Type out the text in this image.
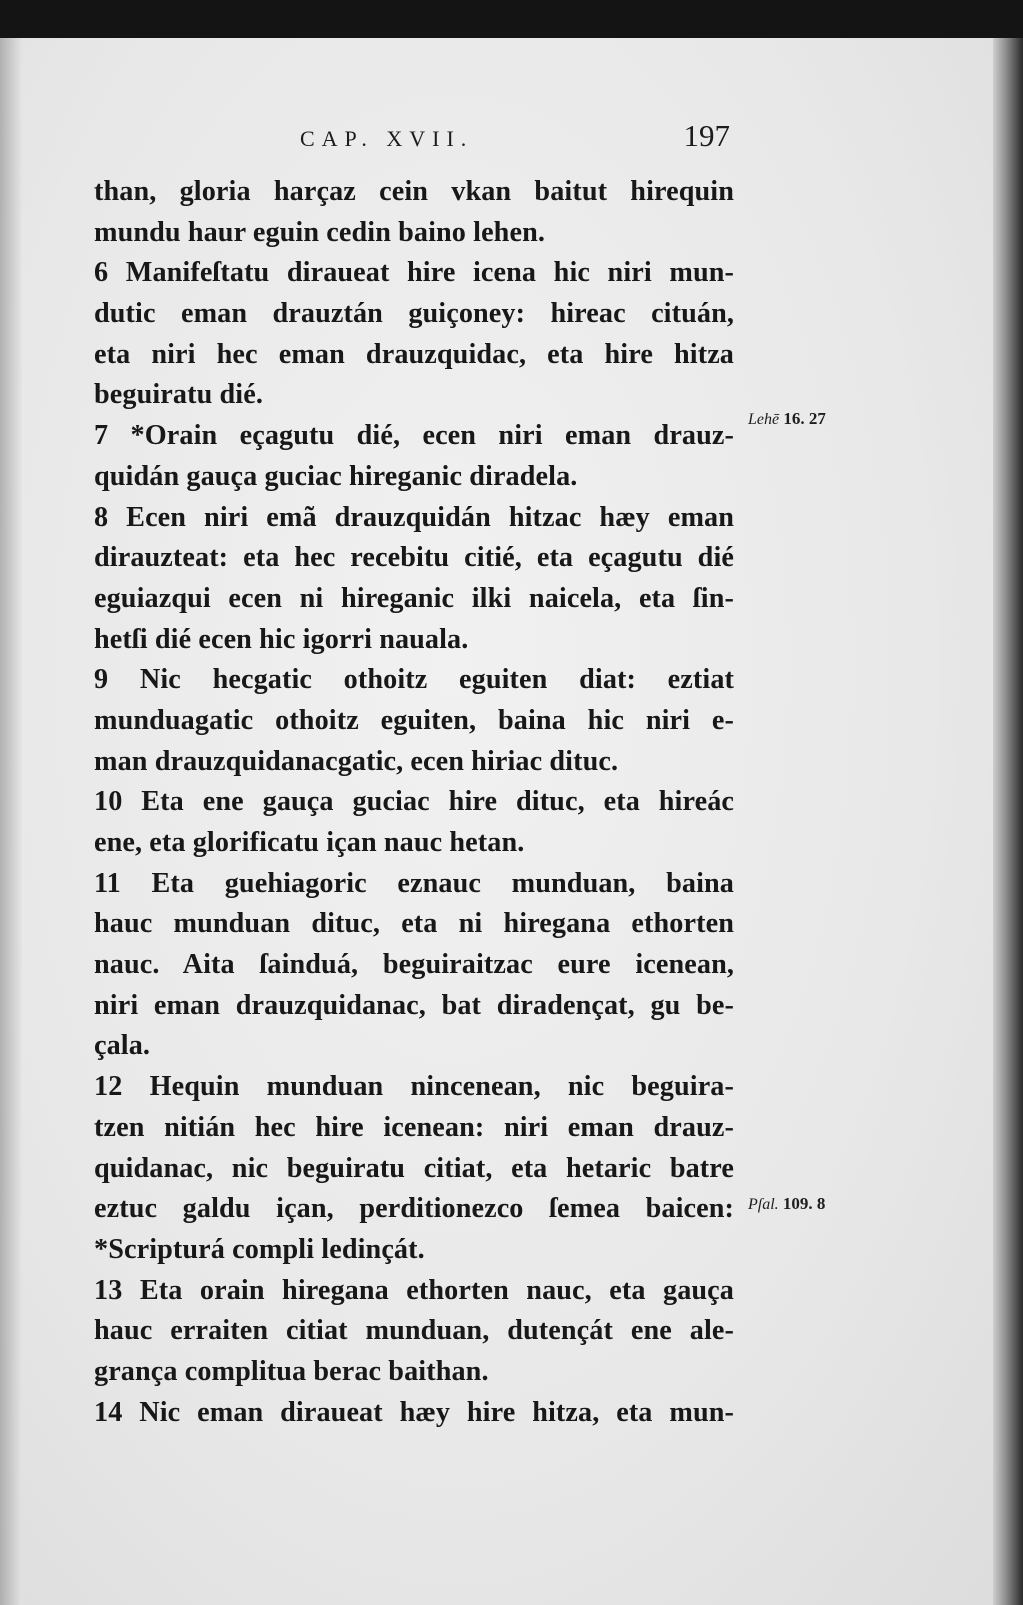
CAP. XVII.	197
than, gloria harçaz cein vkan baitut hirequin
mundu haur eguin cedin baino lehen.
6 Manifeſtatu diraueat hire icena hic niri mun-
dutic eman drauztán guiçoney: hireac cituán,
eta niri hec eman drauzquidac, eta hire hitza
beguiratu dié.
7 *Orain eçagutu dié, ecen niri eman drauz-
quidán gauça guciac hireganic diradela.
8 Ecen niri emã drauzquidán hitzac hæy eman
dirauzteat: eta hec recebitu citié, eta eçagutu dié
eguiazqui ecen ni hireganic ilki naicela, eta ſin-
hetſi dié ecen hic igorri nauala.
9 Nic hecgatic othoitz eguiten diat: eztiat
munduagatic othoitz eguiten, baina hic niri e-
man drauzquidanacgatic, ecen hiriac dituc.
10 Eta ene gauça guciac hire dituc, eta hireác
ene, eta glorificatu içan nauc hetan.
11 Eta guehiagoric eznauc munduan, baina
hauc munduan dituc, eta ni hiregana ethorten
nauc. Aita ſainduá, beguiraitzac eure icenean,
niri eman drauzquidanac, bat diradençat, gu be-
çala.
12 Hequin munduan nincenean, nic beguira-
tzen nitián hec hire icenean: niri eman drauz-
quidanac, nic beguiratu citiat, eta hetaric batre
eztuc galdu içan, perditionezco ſemea baicen:
*Scripturá compli ledinçát.
13 Eta orain hiregana ethorten nauc, eta gauça
hauc erraiten citiat munduan, dutençát ene ale-
grança complitua berac baithan.
14 Nic eman diraueat hæy hire hitza, eta mun-
Lehē 16. 27
Pſal. 109. 8
